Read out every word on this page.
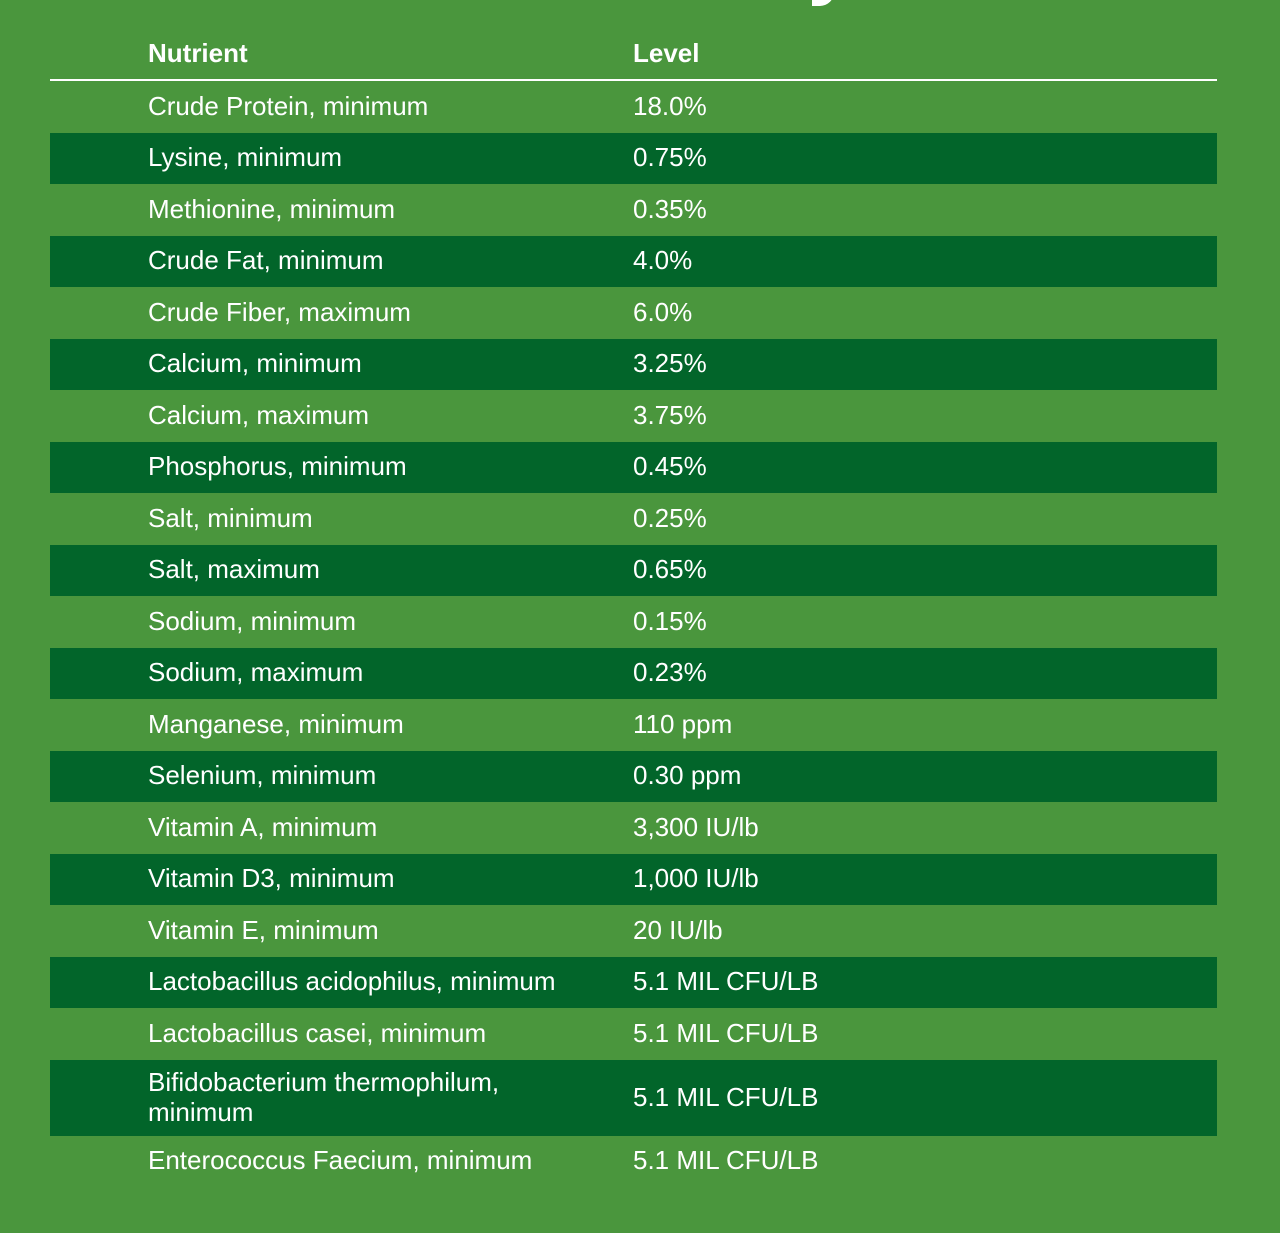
Nutrient	Level
Crude Protein, minimum	18.0%
Lysine, minimum	0.75%
Methionine, minimum	0.35%
Crude Fat, minimum	4.0%
Crude Fiber, maximum	6.0%
Calcium, minimum	3.25%
Calcium, maximum	3.75%
Phosphorus, minimum	0.45%
Salt, minimum	0.25%
Salt, maximum	0.65%
Sodium, minimum	0.15%
Sodium, maximum	0.23%
Manganese, minimum	110 ppm
Selenium, minimum	0.30 ppm
Vitamin A, minimum	3,300 IU/lb
Vitamin D3, minimum	1,000 IU/lb
Vitamin E, minimum	20 IU/lb
Lactobacillus acidophilus, minimum	5.1 MIL CFU/LB
Lactobacillus casei, minimum	5.1 MIL CFU/LB
Bifidobacterium thermophilum, minimum	5.1 MIL CFU/LB
Enterococcus Faecium, minimum	5.1 MIL CFU/LB
